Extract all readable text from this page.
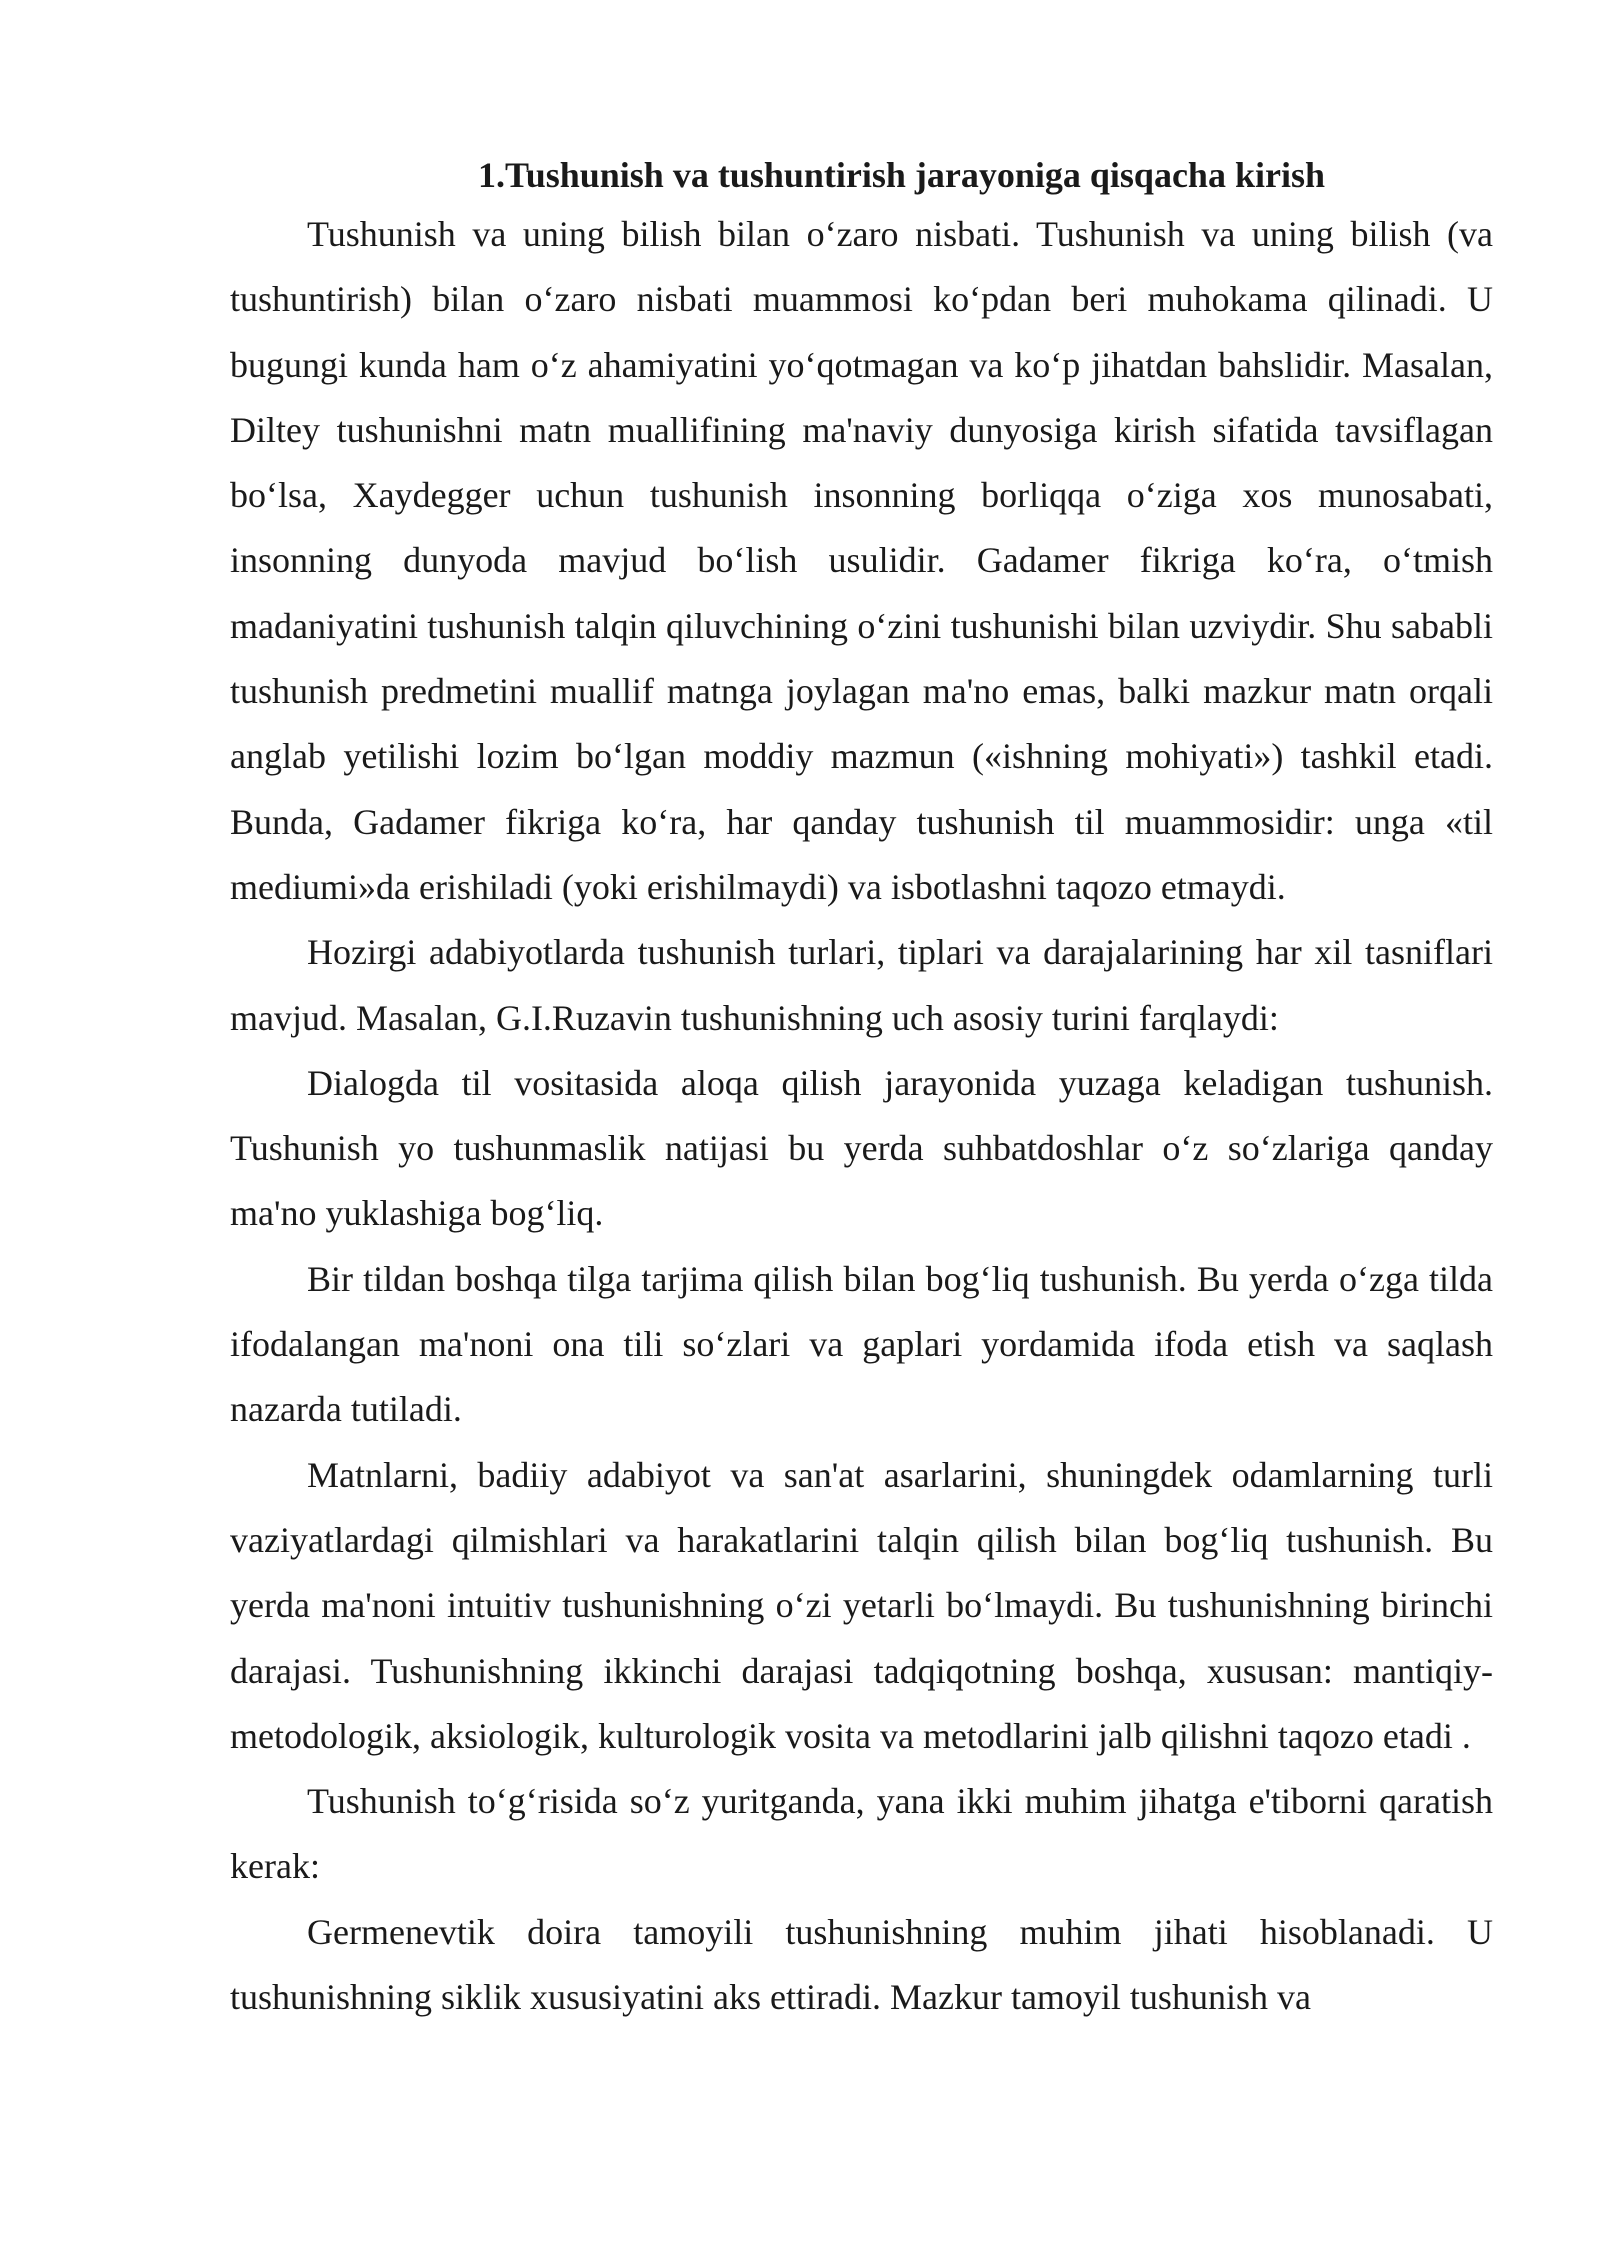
1.Tushunish va tushuntirish jarayoniga qisqacha kirish

Tushunish va uning bilish bilan o‘zaro nisbati. Tushunish va uning bilish (va tushuntirish) bilan o‘zaro nisbati muammosi ko‘pdan beri muhokama qilinadi. U bugungi kunda ham o‘z ahamiyatini yo‘qotmagan va ko‘p jihatdan bahslidir. Masalan, Diltey tushunishni matn muallifining ma'naviy dunyosiga kirish sifatida tavsiflagan bo‘lsa, Xaydegger uchun tushunish insonning borliqqa o‘ziga xos munosabati, insonning dunyoda mavjud bo‘lish usulidir. Gadamer fikriga ko‘ra, o‘tmish madaniyatini tushunish talqin qiluvchining o‘zini tushunishi bilan uzviydir. Shu sababli tushunish predmetini muallif matnga joylagan ma'no emas, balki mazkur matn orqali anglab yetilishi lozim bo‘lgan moddiy mazmun («ishning mohiyati») tashkil etadi. Bunda, Gadamer fikriga ko‘ra, har qanday tushunish til muammosidir: unga «til mediumi»da erishiladi (yoki erishilmaydi) va isbotlashni taqozo etmaydi.

Hozirgi adabiyotlarda tushunish turlari, tiplari va darajalarining har xil tasniflari mavjud. Masalan, G.I.Ruzavin tushunishning uch asosiy turini farqlaydi:

Dialogda til vositasida aloqa qilish jarayonida yuzaga keladigan tushunish. Tushunish yo tushunmaslik natijasi bu yerda suhbatdoshlar o‘z so‘zlariga qanday ma'no yuklashiga bog‘liq.

Bir tildan boshqa tilga tarjima qilish bilan bog‘liq tushunish. Bu yerda o‘zga tilda ifodalangan ma'noni ona tili so‘zlari va gaplari yordamida ifoda etish va saqlash nazarda tutiladi.

Matnlarni, badiiy adabiyot va san'at asarlarini, shuningdek odamlarning turli vaziyatlardagi qilmishlari va harakatlarini talqin qilish bilan bog‘liq tushunish. Bu yerda ma'noni intuitiv tushunishning o‘zi yetarli bo‘lmaydi. Bu tushunishning birinchi darajasi. Tushunishning ikkinchi darajasi tadqiqotning boshqa, xususan: mantiqiy-metodologik, aksiologik, kulturologik vosita va metodlarini jalb qilishni taqozo etadi .

Tushunish to‘g‘risida so‘z yuritganda, yana ikki muhim jihatga e'tiborni qaratish kerak:

Germenevtik doira tamoyili tushunishning muhim jihati hisoblanadi. U tushunishning siklik xususiyatini aks ettiradi. Mazkur tamoyil tushunish va
